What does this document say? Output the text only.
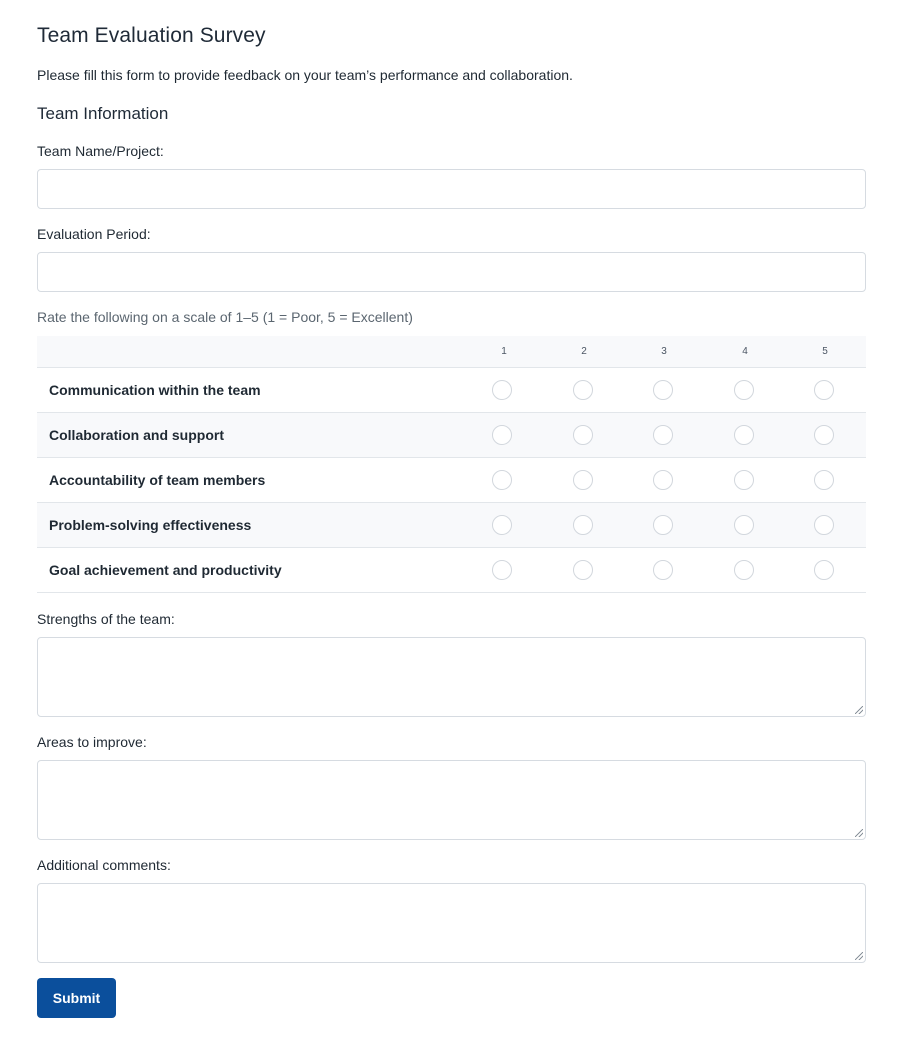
Team Evaluation Survey
Please fill this form to provide feedback on your team’s performance and collaboration.
Team Information
Team Name/Project:
Evaluation Period:
Rate the following on a scale of 1–5 (1 = Poor, 5 = Excellent)
1	2	3	4	5
Communication within the team
Collaboration and support
Accountability of team members
Problem-solving effectiveness
Goal achievement and productivity
Strengths of the team:
Areas to improve:
Additional comments:
Submit
